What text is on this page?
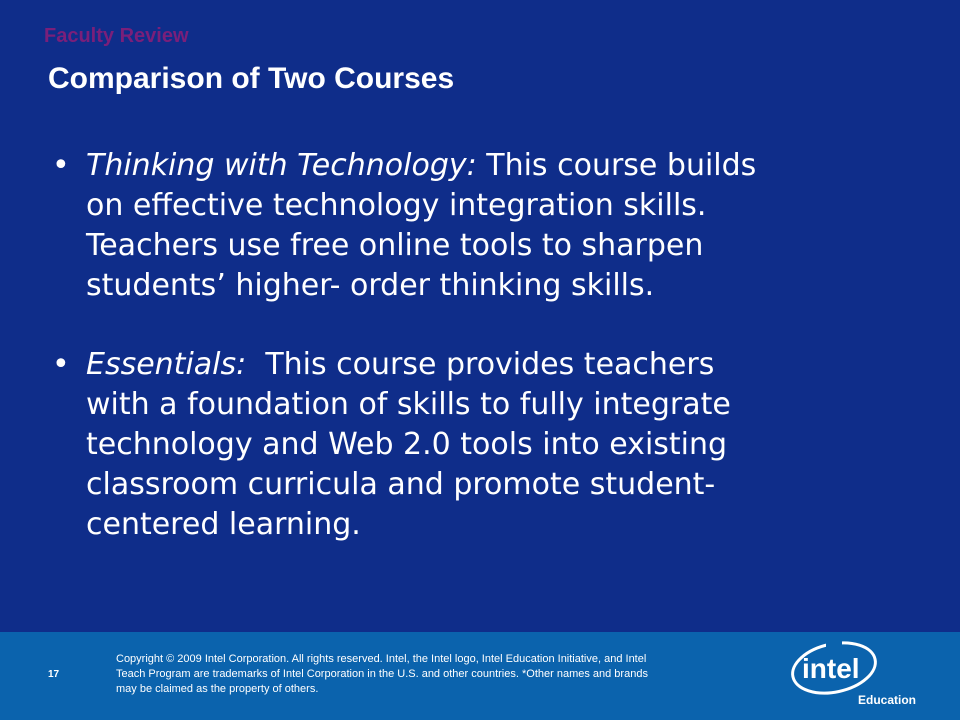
Faculty Review
Comparison of Two Courses
• Thinking with Technology: This course builds
on effective technology integration skills.
Teachers use free online tools to sharpen
students’ higher- order thinking skills.
• Essentials:  This course provides teachers
with a foundation of skills to fully integrate
technology and Web 2.0 tools into existing
classroom curricula and promote student-
centered learning.
17
Copyright © 2009 Intel Corporation. All rights reserved. Intel, the Intel logo, Intel Education Initiative, and Intel
Teach Program are trademarks of Intel Corporation in the U.S. and other countries. *Other names and brands
may be claimed as the property of others.
intel
Education
